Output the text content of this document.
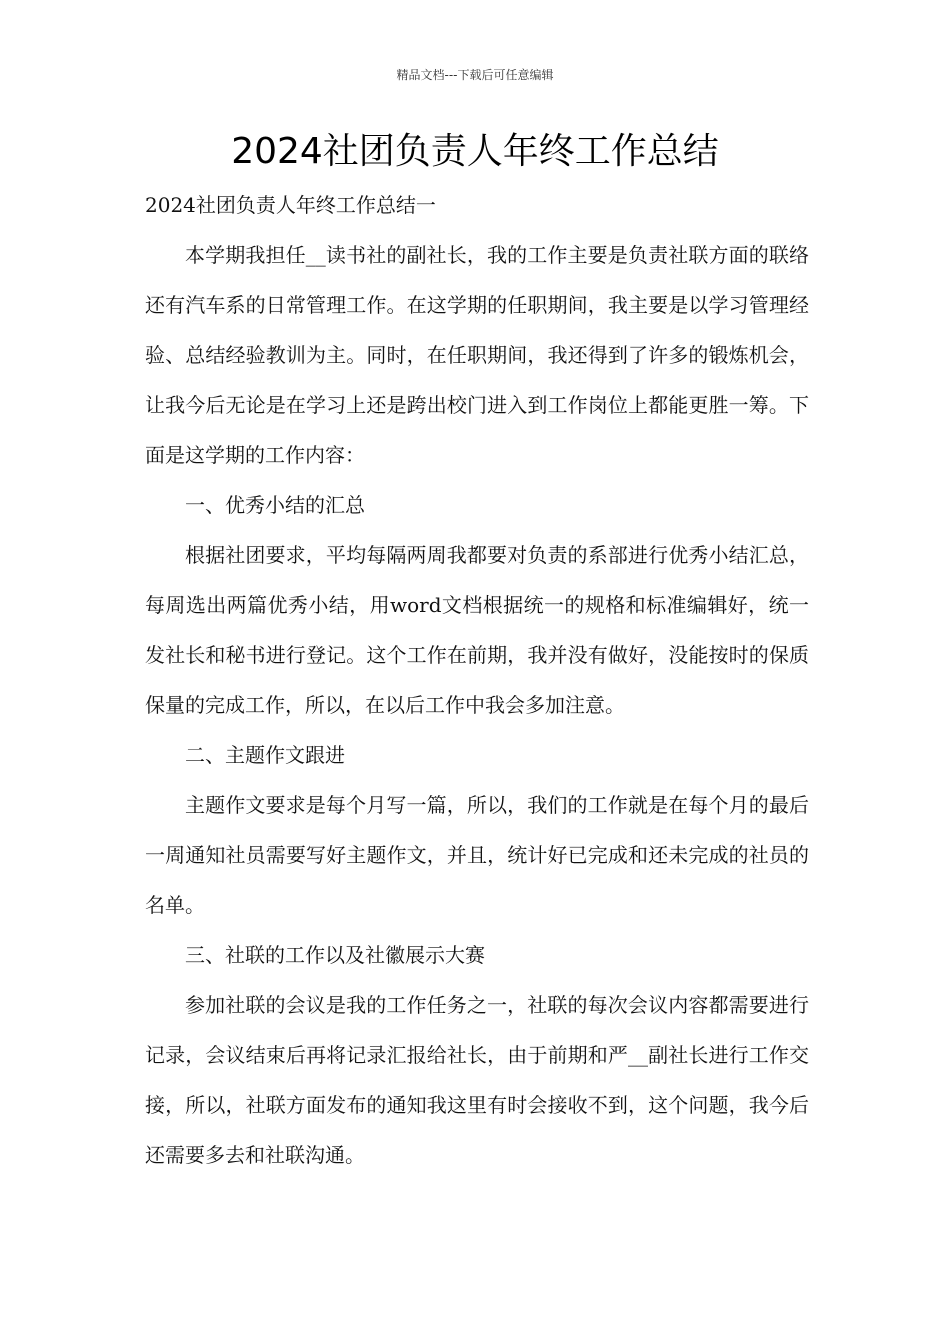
精品文档---下载后可任意编辑
2024社团负责人年终工作总结

2024社团负责人年终工作总结一

本学期我担任__读书社的副社长，我的工作主要是负责社联方面的联络还有汽车系的日常管理工作。在这学期的任职期间，我主要是以学习管理经验、总结经验教训为主。同时，在任职期间，我还得到了许多的锻炼机会，让我今后无论是在学习上还是跨出校门进入到工作岗位上都能更胜一筹。下面是这学期的工作内容：

一、优秀小结的汇总

根据社团要求，平均每隔两周我都要对负责的系部进行优秀小结汇总，每周选出两篇优秀小结，用word文档根据统一的规格和标准编辑好，统一发社长和秘书进行登记。这个工作在前期，我并没有做好，没能按时的保质保量的完成工作，所以，在以后工作中我会多加注意。

二、主题作文跟进

主题作文要求是每个月写一篇，所以，我们的工作就是在每个月的最后一周通知社员需要写好主题作文，并且，统计好已完成和还未完成的社员的名单。

三、社联的工作以及社徽展示大赛

参加社联的会议是我的工作任务之一，社联的每次会议内容都需要进行记录，会议结束后再将记录汇报给社长，由于前期和严__副社长进行工作交接，所以，社联方面发布的通知我这里有时会接收不到，这个问题，我今后还需要多去和社联沟通。
